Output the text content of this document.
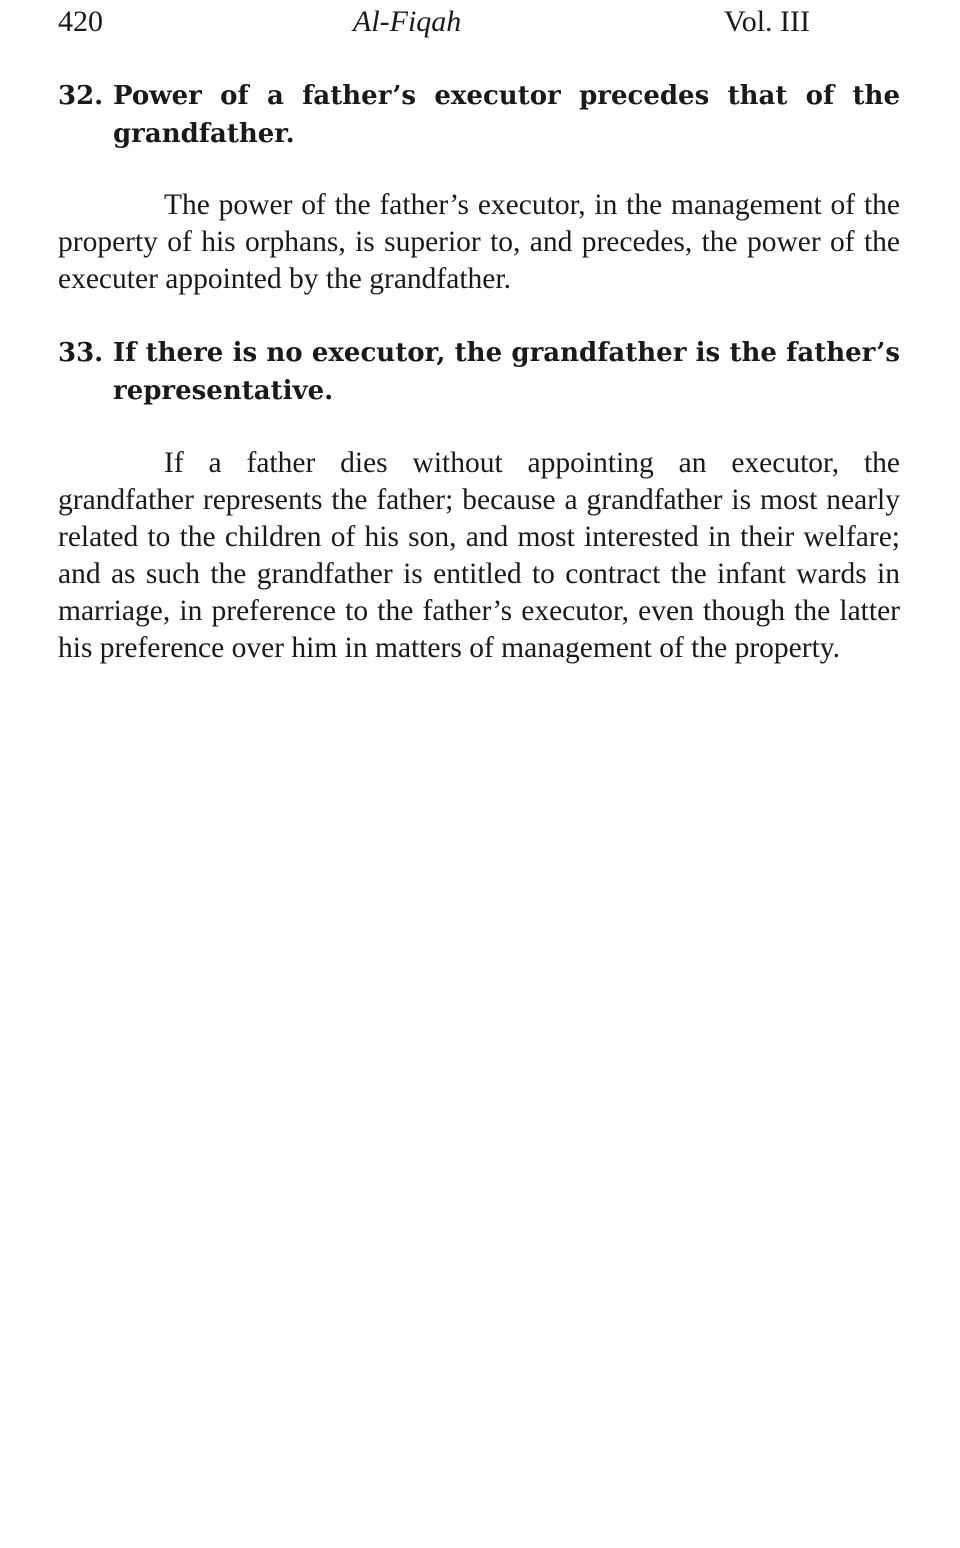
420	Al-Fiqah	Vol. III
32. Power of a father’s executor precedes that of the grandfather.

The power of the father’s executor, in the management of the property of his orphans, is superior to, and precedes, the power of the executer appointed by the grandfather.

33. If there is no executor, the grandfather is the father’s representative.

If a father dies without appointing an executor, the grandfather represents the father; because a grandfather is most nearly related to the children of his son, and most interested in their welfare; and as such the grandfather is entitled to contract the infant wards in marriage, in preference to the father’s executor, even though the latter his preference over him in matters of management of the property.
